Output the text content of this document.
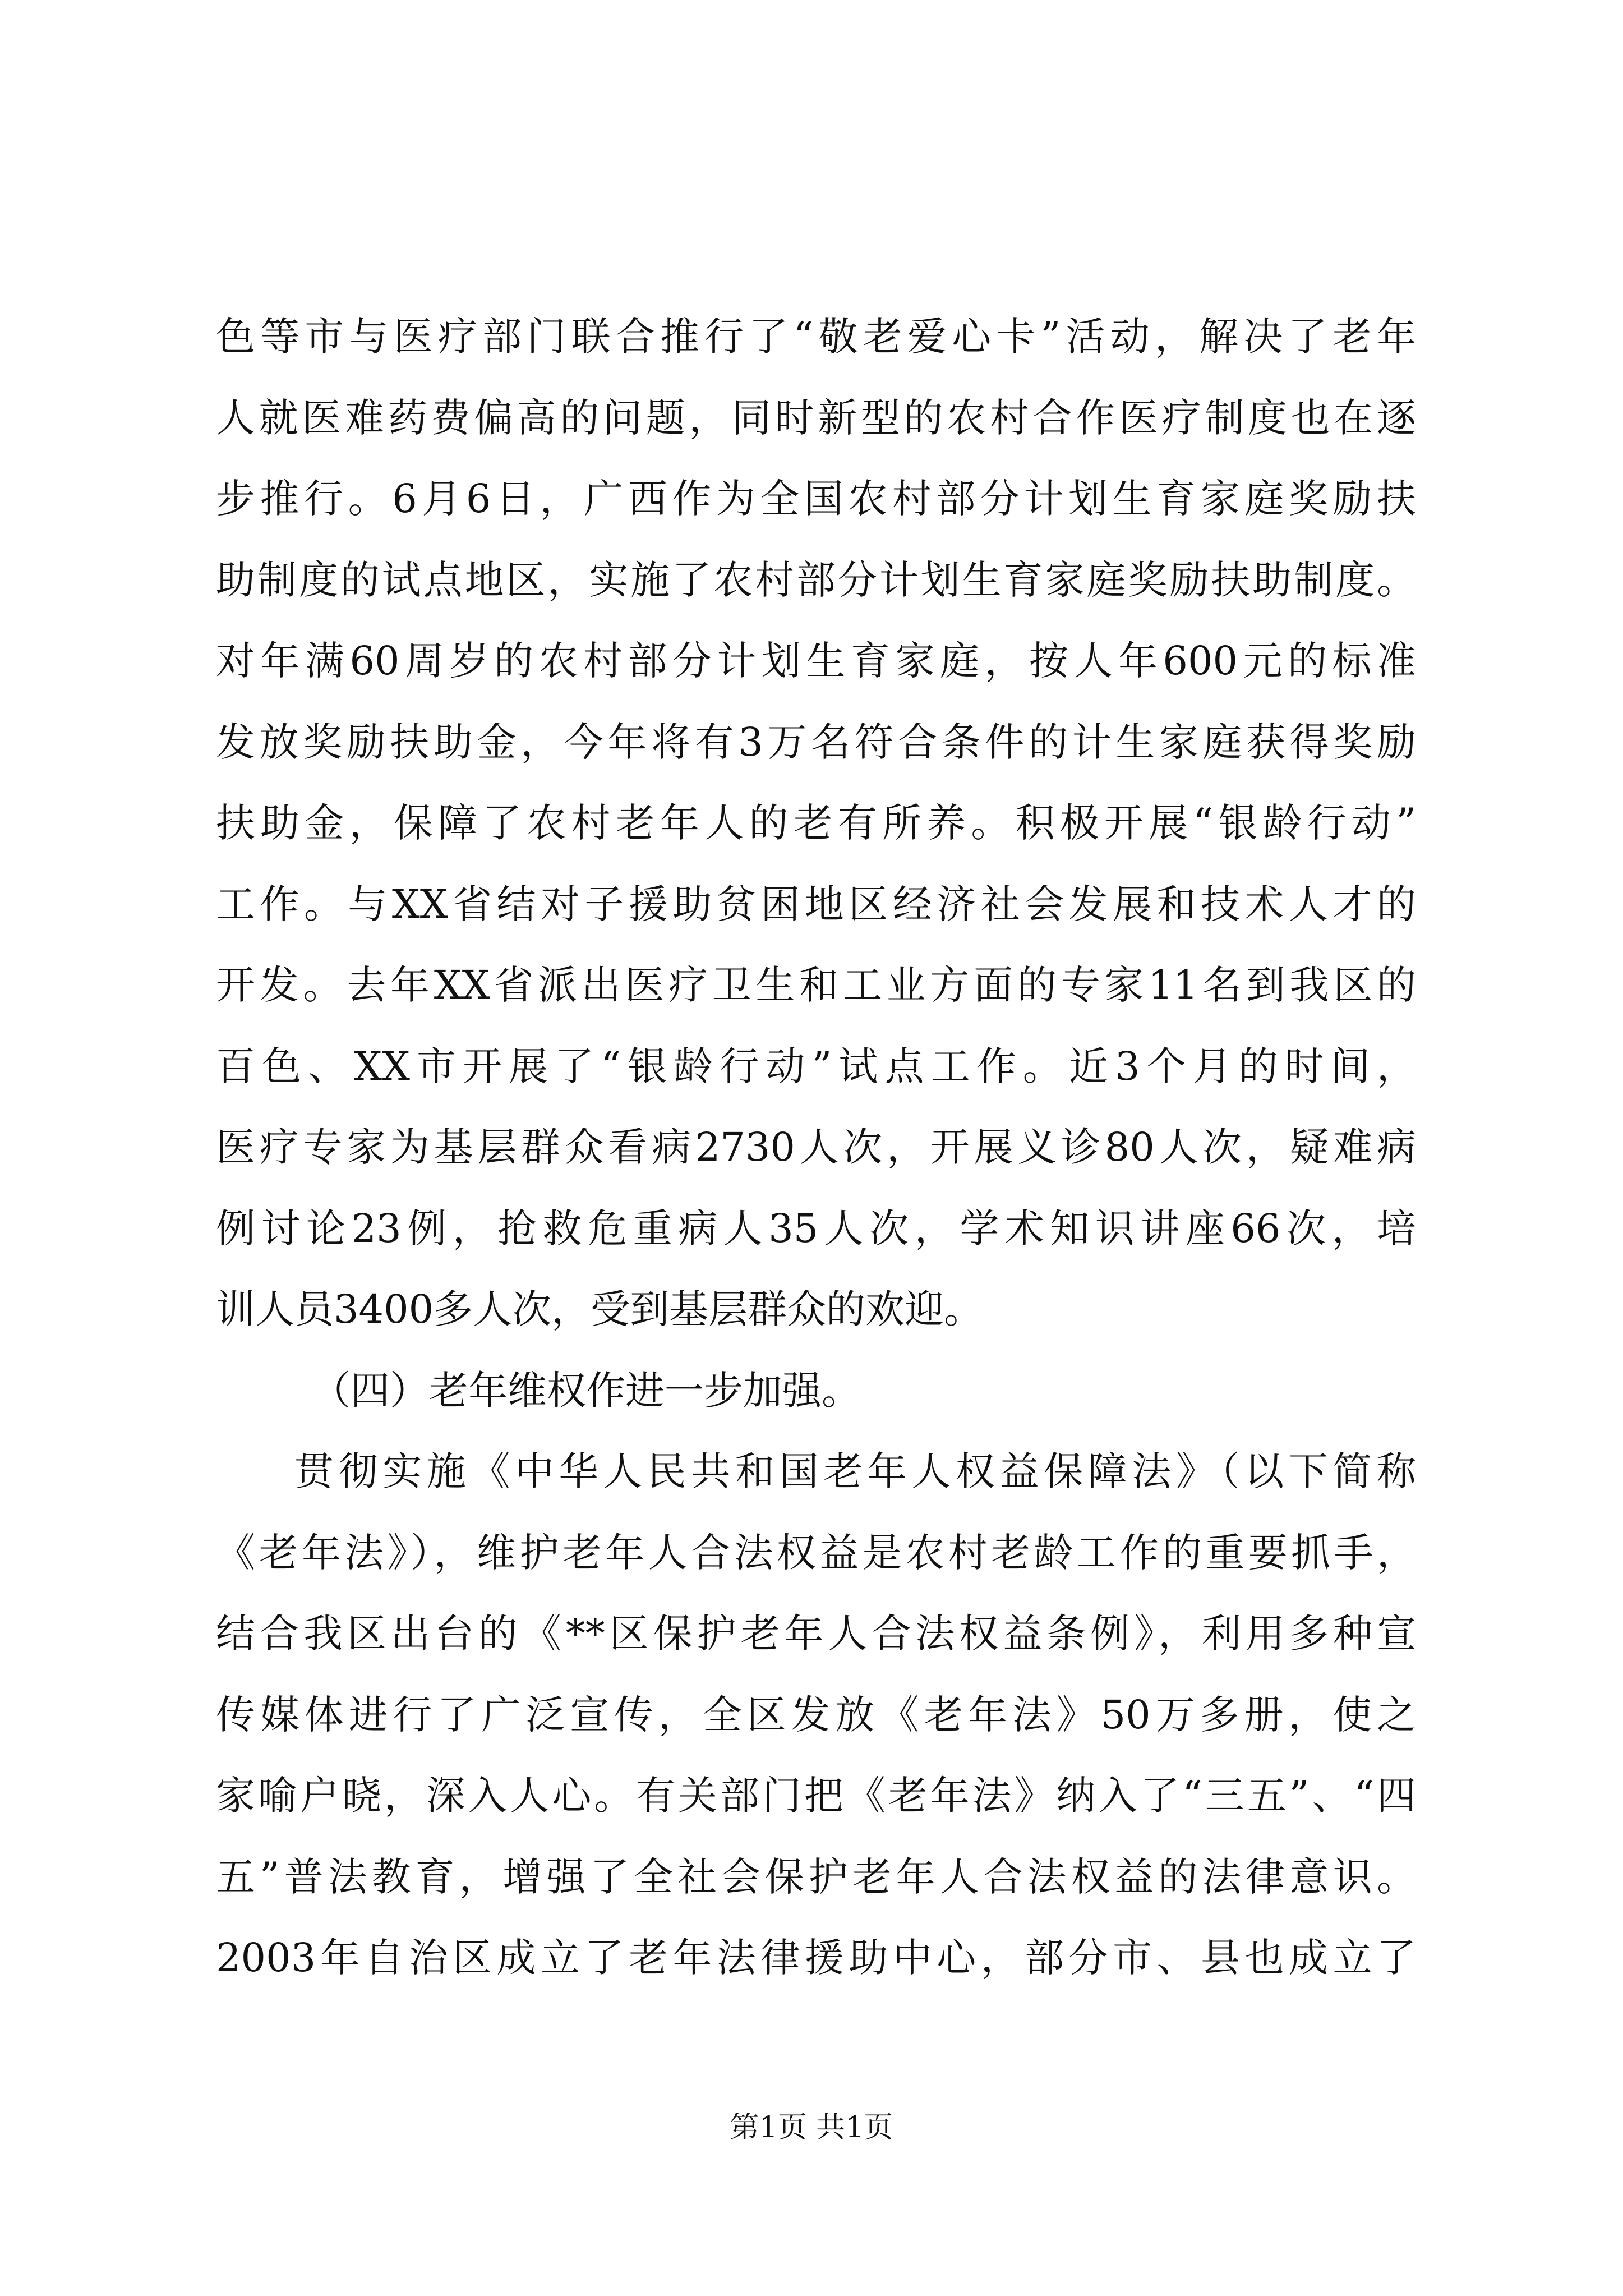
色等市与医疗部门联合推行了“敬老爱心卡”活动，解决了老年
人就医难药费偏高的问题，同时新型的农村合作医疗制度也在逐
步推行。6月6日，广西作为全国农村部分计划生育家庭奖励扶
助制度的试点地区，实施了农村部分计划生育家庭奖励扶助制度。
对年满60周岁的农村部分计划生育家庭，按人年600元的标准
发放奖励扶助金，今年将有3万名符合条件的计生家庭获得奖励
扶助金，保障了农村老年人的老有所养。积极开展“银龄行动”
工作。与XX省结对子援助贫困地区经济社会发展和技术人才的
开发。去年XX省派出医疗卫生和工业方面的专家11名到我区的
百色、XX市开展了“银龄行动”试点工作。近3个月的时间，
医疗专家为基层群众看病2730人次，开展义诊80人次，疑难病
例讨论23例，抢救危重病人35人次，学术知识讲座66次，培
训人员3400多人次，受到基层群众的欢迎。
（四）老年维权作进一步加强。
贯彻实施《中华人民共和国老年人权益保障法》（以下简称
《老年法》），维护老年人合法权益是农村老龄工作的重要抓手，
结合我区出台的《**区保护老年人合法权益条例》，利用多种宣
传媒体进行了广泛宣传，全区发放《老年法》50万多册，使之
家喻户晓，深入人心。有关部门把《老年法》纳入了“三五”、“四
五”普法教育，增强了全社会保护老年人合法权益的法律意识。
2003年自治区成立了老年法律援助中心，部分市、县也成立了
第1页 共1页
